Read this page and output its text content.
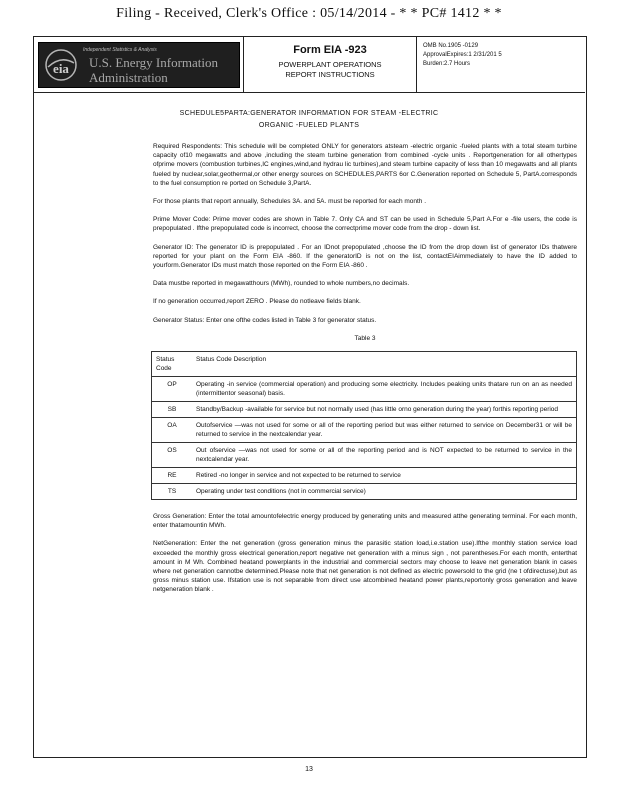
Filing - Received, Clerk's Office : 05/14/2014 - * * PC# 1412 * *
eia
Independent Statistics & Analysis
U.S. Energy Information
Administration
Form EIA -923
POWERPLANT OPERATIONS
REPORT INSTRUCTIONS
OMB No.1905 -0129
ApprovalExpires:1 2/31/201 5
Burden:2.7 Hours
SCHEDULE5PARTA:GENERATOR INFORMATION FOR STEAM -ELECTRIC
ORGANIC -FUELED PLANTS

Required Respondents: This schedule will be completed ONLY for generators atsteam -electric organic -fueled plants with a total steam turbine capacity of10 megawatts and above ,including the steam turbine generation from combined -cycle units . Reportgeneration for all othertypes ofprime movers (combustion turbines,IC engines,wind,and hydrau lic turbines),and steam turbine capacity of less than 10 megawatts and all plants fueled by nuclear,solar,geothermal,or other energy sources on SCHEDULES,PARTS 6or C.Generation reported on Schedule 5, PartA.corresponds to the fuel consumption re ported on Schedule 3,PartA.

For those plants that report annually, Schedules 3A. and 5A. must be reported for each month .

Prime Mover Code: Prime mover codes are shown in Table 7. Only CA and ST can be used in Schedule 5,Part A.For e -file users, the code is prepopulated . Ifthe prepopulated code is incorrect, choose the correctprime mover code from the drop - down list.

Generator ID: The generator ID is prepopulated . For an IDnot prepopulated ,choose the ID from the drop down list of generator IDs thatwere reported for your plant on the Form EIA -860. If the generatorID is not on the list, contactEIAimmediately to have the ID added to yourform.Generator IDs must match those reported on the Form EIA -860 .

Data mustbe reported in megawatthours (MWh), rounded to whole numbers,no decimals.

If no generation occurred,report ZERO . Please do notleave fields blank.

Generator Status: Enter one ofthe codes listed in Table 3 for generator status.

Table 3
Status Code	Status Code Description
OP	Operating -in service (commercial operation) and producing some electricity. Includes peaking units thatare run on an as needed (intermittentor seasonal) basis.
SB	Standby/Backup -available for service but not normally used (has little orno generation during the year) forthis reporting period
OA	Outofservice —was not used for some or all of the reporting period but was either returned to service on December31 or will be returned to service in the nextcalendar year.
OS	Out ofservice —was not used for some or all of the reporting period and is NOT expected to be returned to service in the nextcalendar year.
RE	Retired -no longer in service and not expected to be returned to service
TS	Operating under test conditions (not in commercial service)

Gross Generation: Enter the total amountofelectric energy produced by generating units and measured atthe generating terminal. For each month, enter thatamountin MWh.

NetGeneration: Enter the net generation (gross generation minus the parasitic station load,i.e.station use).Ifthe monthly station service load exceeded the monthly gross electrical generation,report negative net generation with a minus sign , not parentheses.For each month, enterthat amount in M Wh. Combined heatand powerplants in the industrial and commercial sectors may choose to leave net generation blank in cases where net generation cannotbe determined.Please note that net generation is not defined as electric powersold to the grid (ne t ofdirectuse),but as gross minus station use. Ifstation use is not separable from direct use atcombined heatand power plants,reportonly gross generation and leave netgeneration blank .

13
